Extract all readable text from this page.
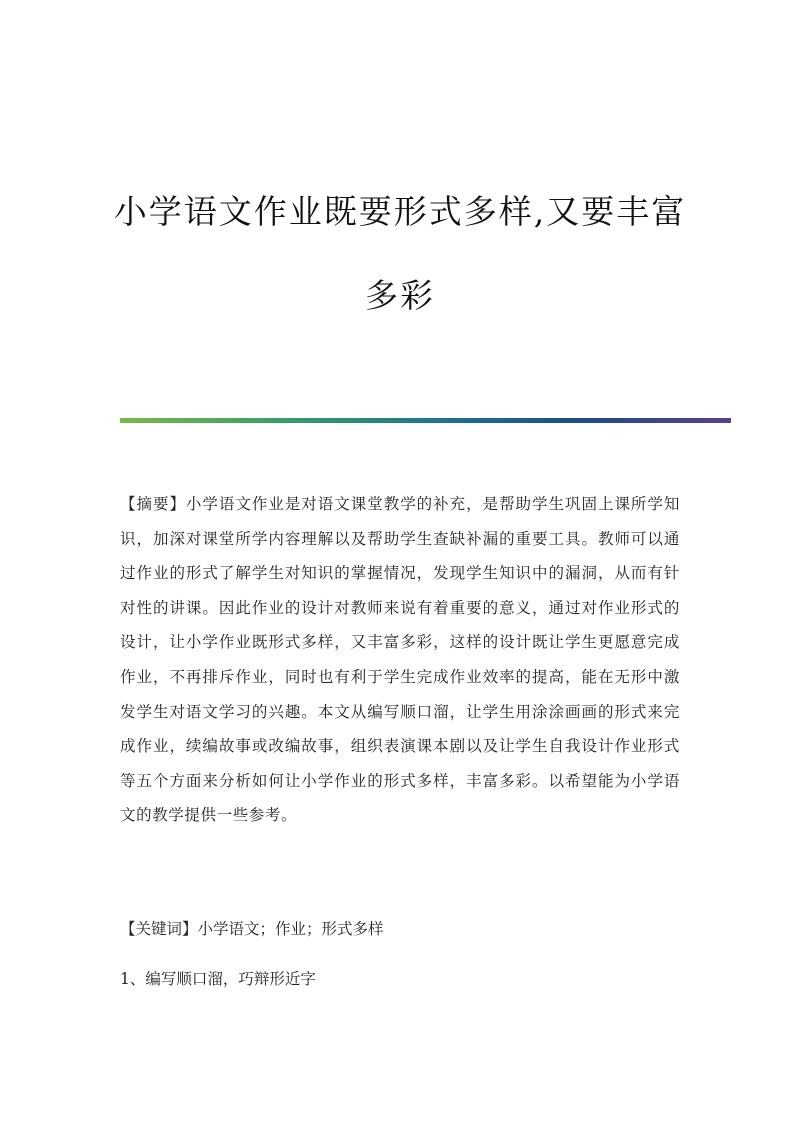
小学语文作业既要形式多样,又要丰富
多彩

【摘要】小学语文作业是对语文课堂教学的补充，是帮助学生巩固上课所学知识，加深对课堂所学内容理解以及帮助学生查缺补漏的重要工具。教师可以通过作业的形式了解学生对知识的掌握情况，发现学生知识中的漏洞，从而有针对性的讲课。因此作业的设计对教师来说有着重要的意义，通过对作业形式的设计，让小学作业既形式多样，又丰富多彩，这样的设计既让学生更愿意完成作业，不再排斥作业，同时也有利于学生完成作业效率的提高，能在无形中激发学生对语文学习的兴趣。本文从编写顺口溜，让学生用涂涂画画的形式来完成作业，续编故事或改编故事，组织表演课本剧以及让学生自我设计作业形式等五个方面来分析如何让小学作业的形式多样，丰富多彩。以希望能为小学语文的教学提供一些参考。

【关键词】小学语文；作业；形式多样

1、编写顺口溜，巧辩形近字
